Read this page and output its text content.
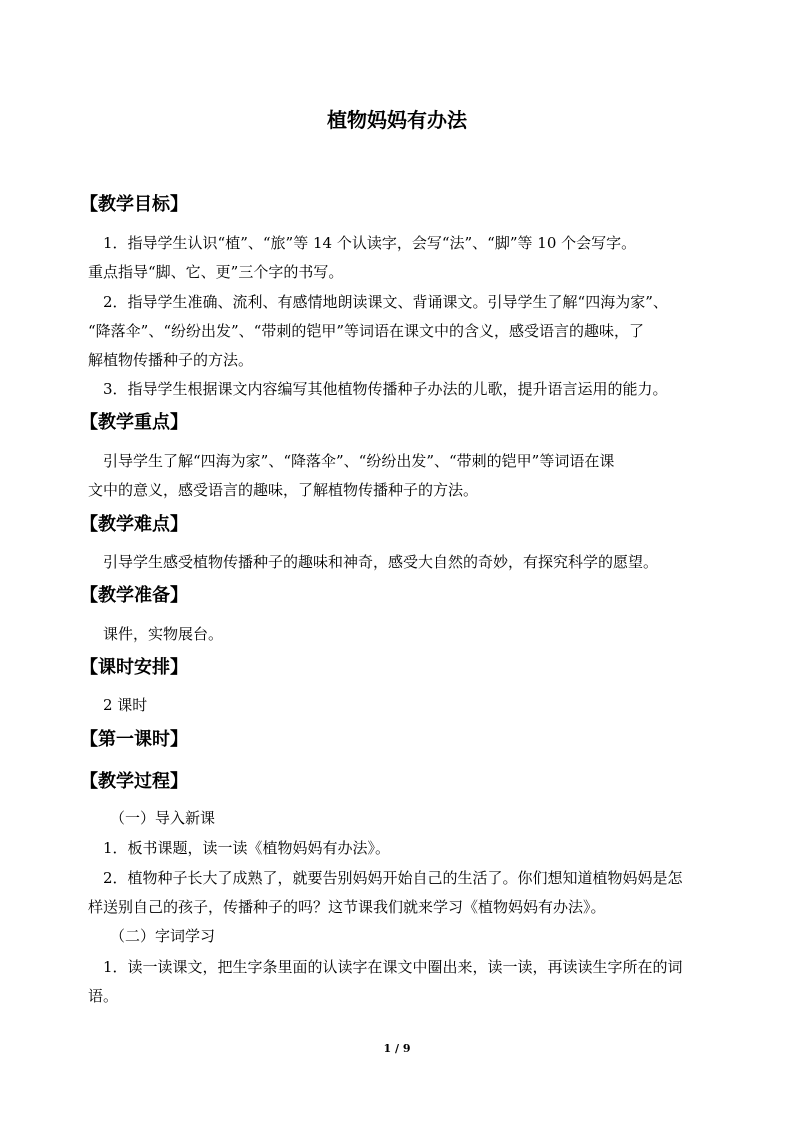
植物妈妈有办法
【教学目标】
1．指导学生认识“植”、“旅”等 14 个认读字，会写“法”、“脚”等 10 个会写字。
重点指导“脚、它、更”三个字的书写。
2．指导学生准确、流利、有感情地朗读课文、背诵课文。引导学生了解“四海为家”、
“降落伞”、“纷纷出发”、“带刺的铠甲”等词语在课文中的含义，感受语言的趣味，了
解植物传播种子的方法。
3．指导学生根据课文内容编写其他植物传播种子办法的儿歌，提升语言运用的能力。
【教学重点】
引导学生了解“四海为家”、“降落伞”、“纷纷出发”、“带刺的铠甲”等词语在课
文中的意义，感受语言的趣味，了解植物传播种子的方法。
【教学难点】
引导学生感受植物传播种子的趣味和神奇，感受大自然的奇妙，有探究科学的愿望。
【教学准备】
课件，实物展台。
【课时安排】
2 课时
【第一课时】
【教学过程】
（一）导入新课
1．板书课题，读一读《植物妈妈有办法》。
2．植物种子长大了成熟了，就要告别妈妈开始自己的生活了。你们想知道植物妈妈是怎
样送别自己的孩子，传播种子的吗？这节课我们就来学习《植物妈妈有办法》。
（二）字词学习
1．读一读课文，把生字条里面的认读字在课文中圈出来，读一读，再读读生字所在的词
语。
1 / 9
